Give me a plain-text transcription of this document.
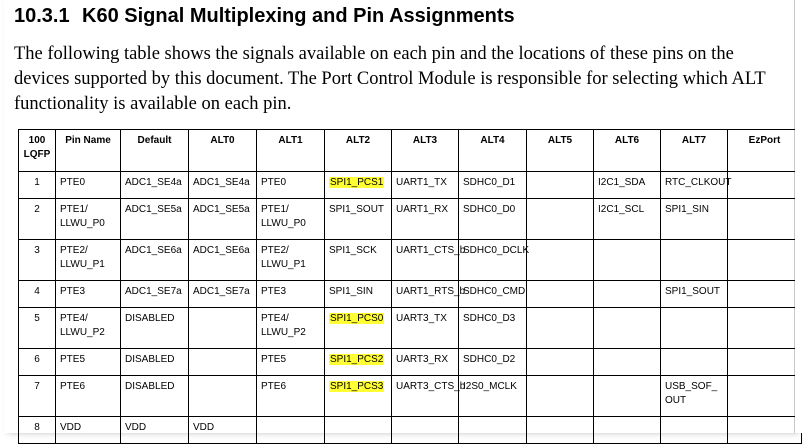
10.3.1 K60 Signal Multiplexing and Pin Assignments

The following table shows the signals available on each pin and the locations of these pins on the devices supported by this document. The Port Control Module is responsible for selecting which ALT functionality is available on each pin.

100 LQFP	Pin Name	Default	ALT0	ALT1	ALT2	ALT3	ALT4	ALT5	ALT6	ALT7	EzPort
1	PTE0	ADC1_SE4a	ADC1_SE4a	PTE0	SPI1_PCS1	UART1_TX	SDHC0_D1		I2C1_SDA	RTC_CLKOUT	
2	PTE1/ LLWU_P0	ADC1_SE5a	ADC1_SE5a	PTE1/ LLWU_P0	SPI1_SOUT	UART1_RX	SDHC0_D0		I2C1_SCL	SPI1_SIN	
3	PTE2/ LLWU_P1	ADC1_SE6a	ADC1_SE6a	PTE2/ LLWU_P1	SPI1_SCK	UART1_CTS_b	SDHC0_DCLK				
4	PTE3	ADC1_SE7a	ADC1_SE7a	PTE3	SPI1_SIN	UART1_RTS_b	SDHC0_CMD			SPI1_SOUT	
5	PTE4/ LLWU_P2	DISABLED		PTE4/ LLWU_P2	SPI1_PCS0	UART3_TX	SDHC0_D3				
6	PTE5	DISABLED		PTE5	SPI1_PCS2	UART3_RX	SDHC0_D2				
7	PTE6	DISABLED		PTE6	SPI1_PCS3	UART3_CTS_b	I2S0_MCLK			USB_SOF_ OUT	
8	VDD	VDD	VDD								
